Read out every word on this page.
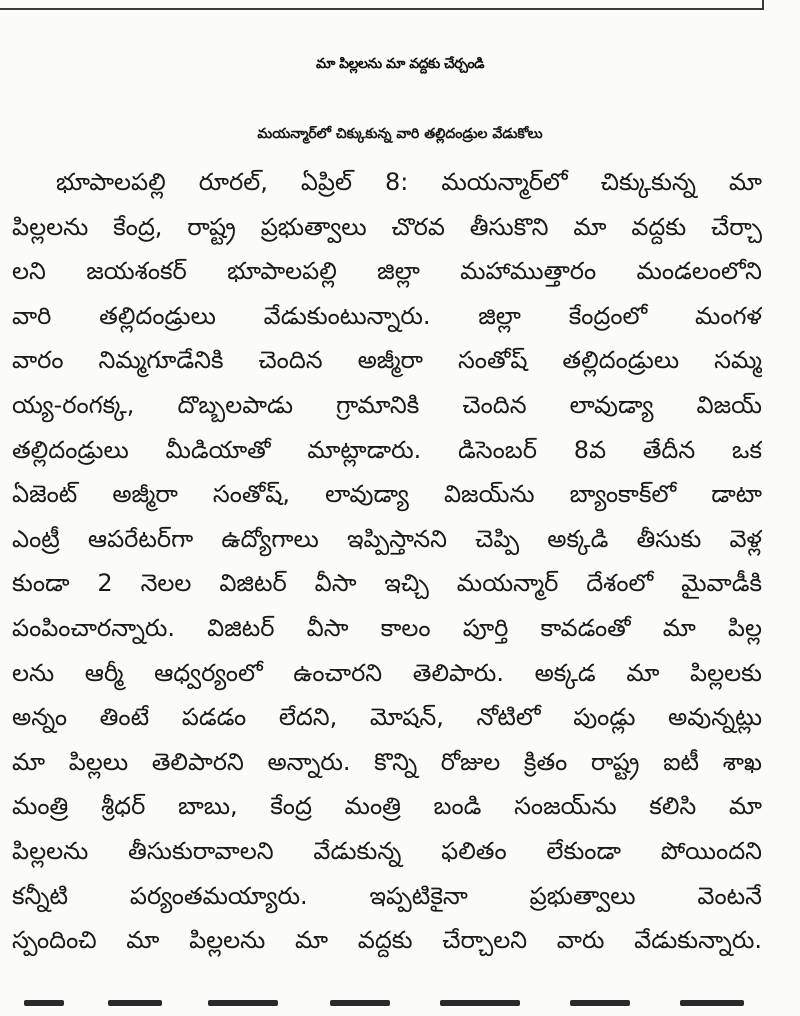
మా పిల్లలను మా వద్దకు చేర్చండి
మయన్మార్‌లో చిక్కుకున్న వారి తల్లిదండ్రుల వేడుకోలు
భూపాలపల్లి రూరల్‌, ఏప్రిల్‌ 8: మయన్మార్‌లో చిక్కుకున్న మా
పిల్లలను కేంద్ర, రాష్ట్ర ప్రభుత్వాలు చొరవ తీసుకొని మా వద్దకు చేర్చా
లని జయశంకర్‌ భూపాలపల్లి జిల్లా మహాముత్తారం మండలంలోని
వారి తల్లిదండ్రులు వేడుకుంటున్నారు. జిల్లా కేంద్రంలో మంగళ
వారం నిమ్మగూడేనికి చెందిన అజ్మీరా సంతోష్‌ తల్లిదండ్రులు సమ్మ
య్య-రంగక్క, దొబ్బలపాడు గ్రామానికి చెందిన లావుడ్యా విజయ్‌
తల్లిదండ్రులు మీడియాతో మాట్లాడారు. డిసెంబర్‌ 8వ తేదీన ఒక
ఏజెంట్‌ అజ్మీరా సంతోష్‌, లావుడ్యా విజయ్‌ను బ్యాంకాక్‌లో డాటా
ఎంట్రీ ఆపరేటర్‌గా ఉద్యోగాలు ఇప్పిస్తానని చెప్పి అక్కడి తీసుకు వెళ్ల
కుండా 2 నెలల విజిటర్‌ వీసా ఇచ్చి మయన్మార్‌ దేశంలో మైవాడీకి
పంపించారన్నారు. విజిటర్‌ వీసా కాలం పూర్తి కావడంతో మా పిల్ల
లను ఆర్మీ ఆధ్వర్యంలో ఉంచారని తెలిపారు. అక్కడ మా పిల్లలకు
అన్నం తింటే పడడం లేదని, మోషన్‌, నోటిలో పుండ్లు అవున్నట్లు
మా పిల్లలు తెలిపారని అన్నారు. కొన్ని రోజుల క్రితం రాష్ట్ర ఐటీ శాఖ
మంత్రి శ్రీధర్‌ బాబు, కేంద్ర మంత్రి బండి సంజయ్‌ను కలిసి మా
పిల్లలను తీసుకురావాలని వేడుకున్న ఫలితం లేకుండా పోయిందని
కన్నీటి పర్యంతమయ్యారు. ఇప్పటికైనా ప్రభుత్వాలు వెంటనే
స్పందించి మా పిల్లలను మా వద్దకు చేర్చాలని వారు వేడుకున్నారు.
